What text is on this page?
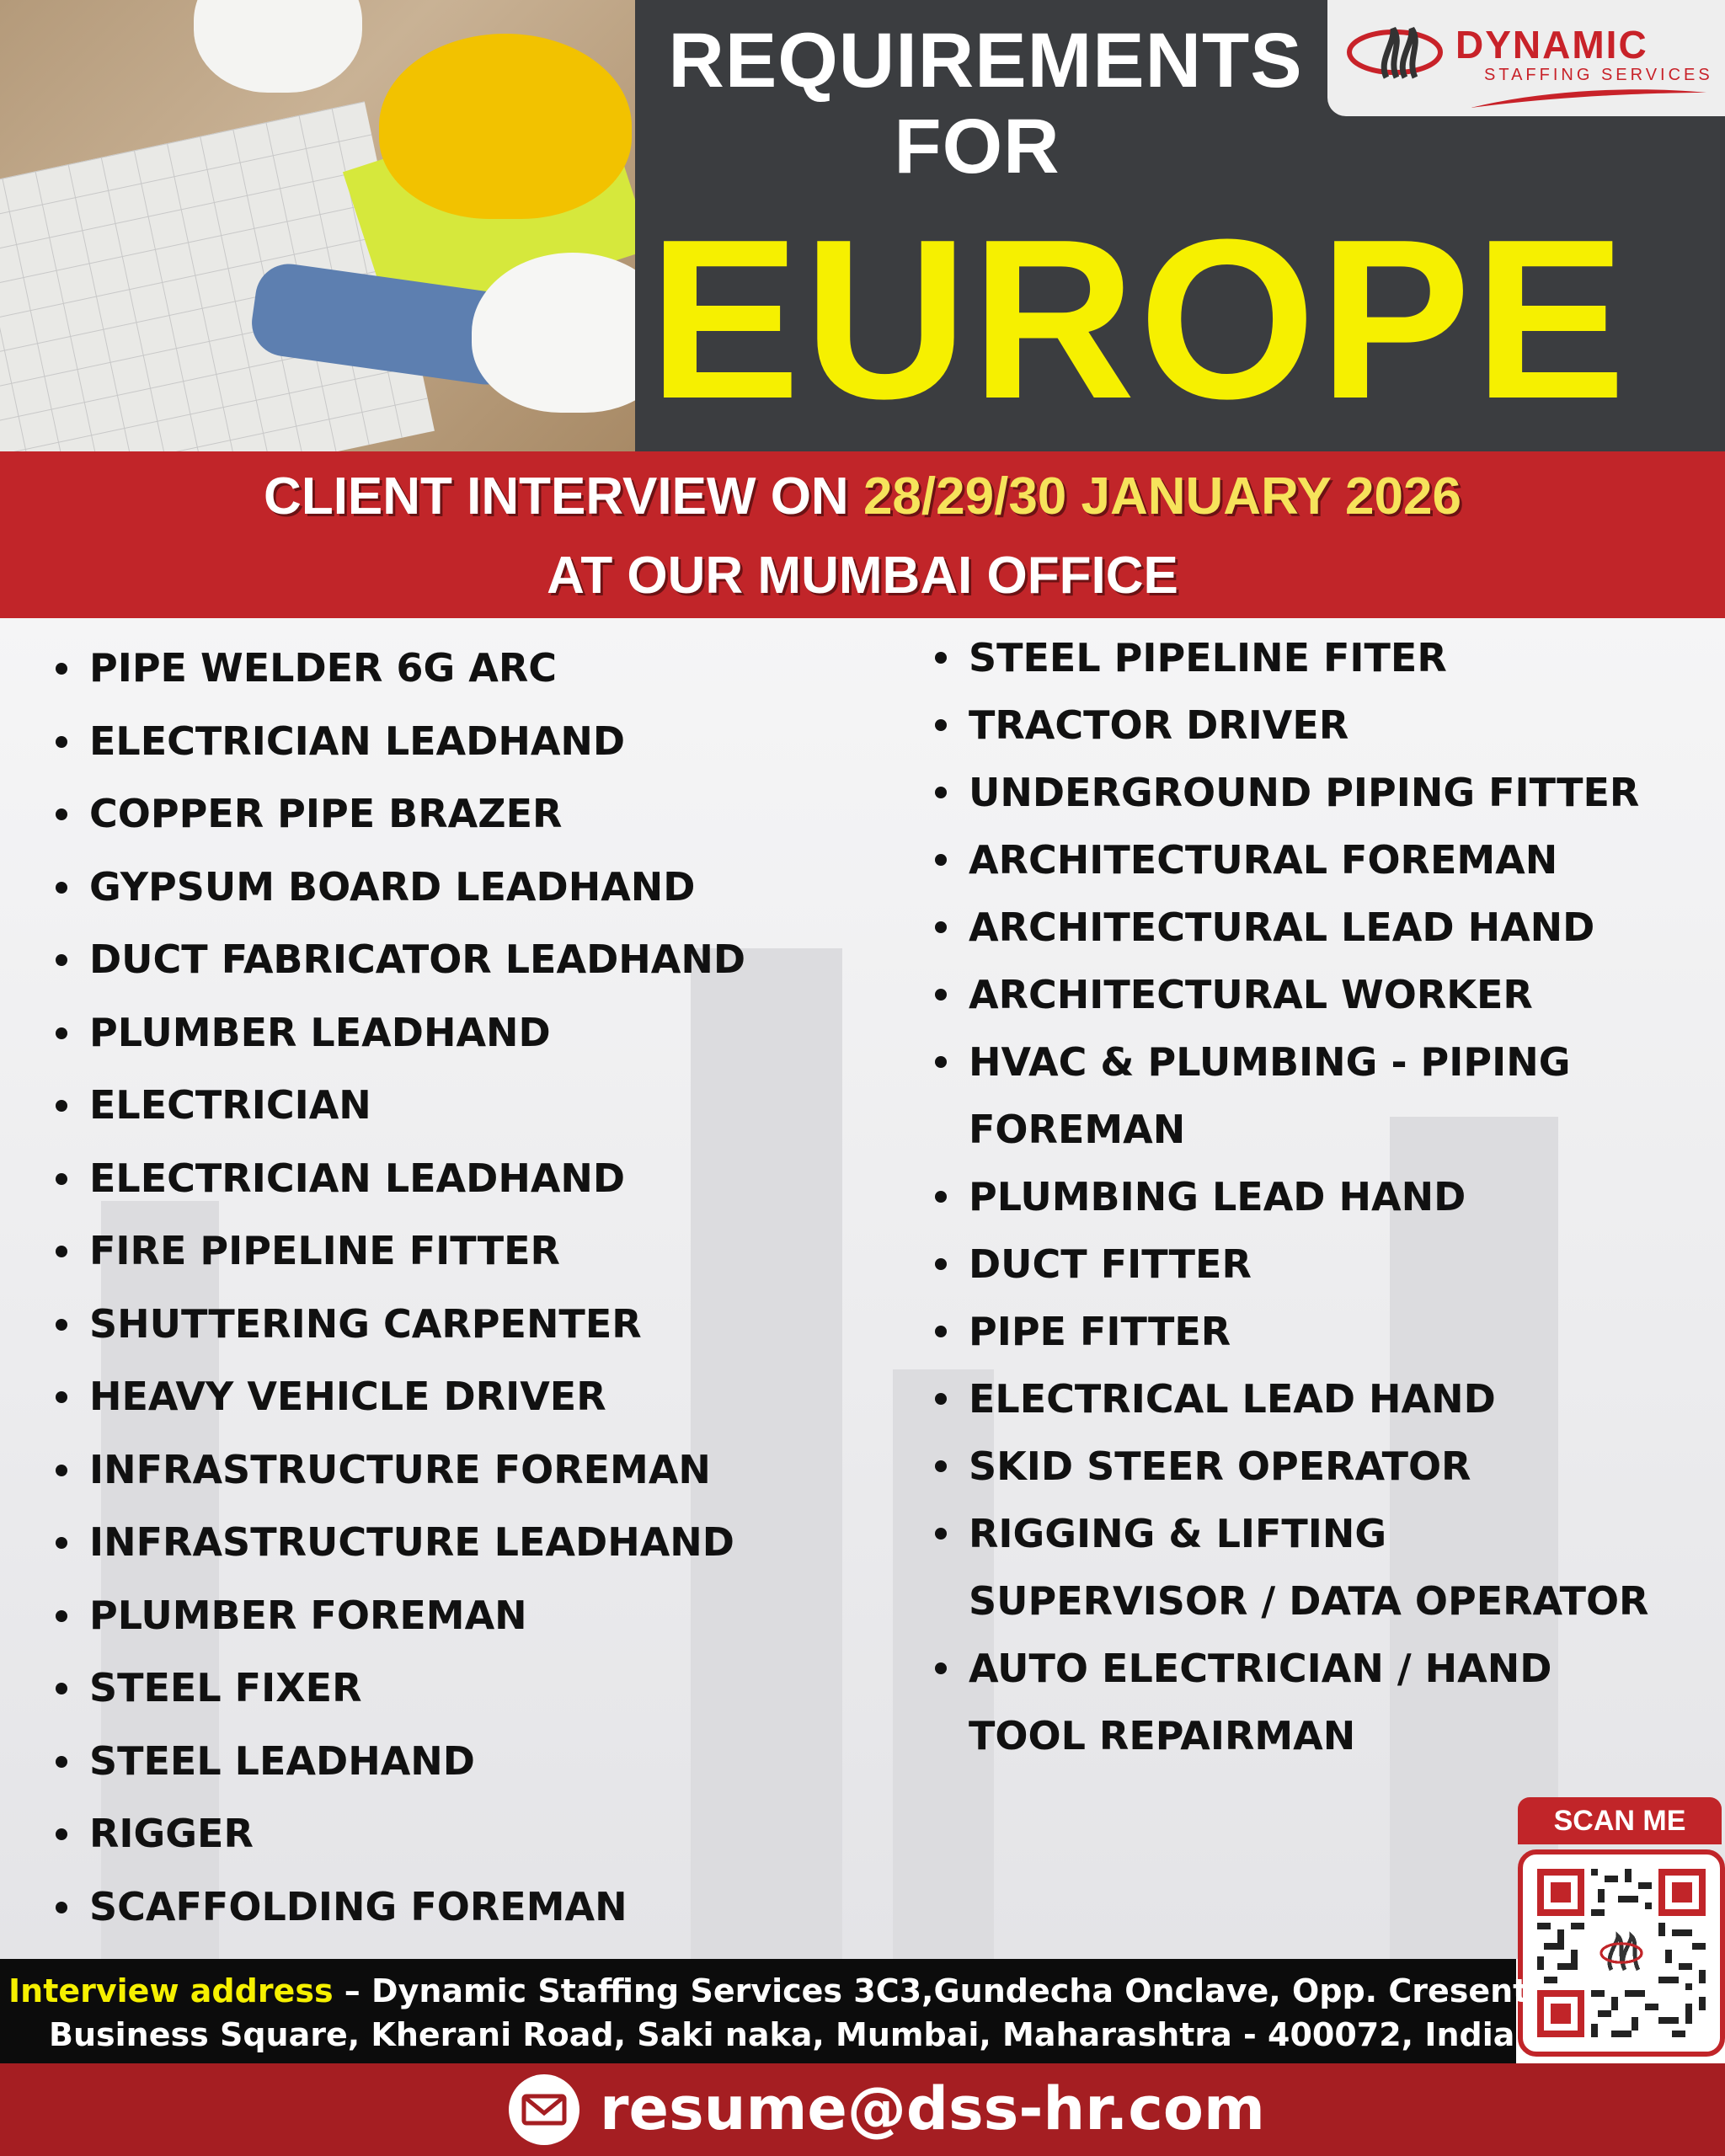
REQUIREMENTS
FOR
EUROPE
DYNAMIC
STAFFING SERVICES
CLIENT INTERVIEW ON 28/29/30 JANUARY 2026
AT OUR MUMBAI OFFICE
PIPE WELDER 6G ARC
ELECTRICIAN LEADHAND
COPPER PIPE BRAZER
GYPSUM BOARD LEADHAND
DUCT FABRICATOR LEADHAND
PLUMBER LEADHAND
ELECTRICIAN
ELECTRICIAN LEADHAND
FIRE PIPELINE FITTER
SHUTTERING CARPENTER
HEAVY VEHICLE DRIVER
INFRASTRUCTURE FOREMAN
INFRASTRUCTURE LEADHAND
PLUMBER FOREMAN
STEEL FIXER
STEEL LEADHAND
RIGGER
SCAFFOLDING FOREMAN
STEEL PIPELINE FITER
TRACTOR DRIVER
UNDERGROUND PIPING FITTER
ARCHITECTURAL FOREMAN
ARCHITECTURAL LEAD HAND
ARCHITECTURAL WORKER
HVAC & PLUMBING - PIPING
FOREMAN
PLUMBING LEAD HAND
DUCT FITTER
PIPE FITTER
ELECTRICAL LEAD HAND
SKID STEER OPERATOR
RIGGING & LIFTING
SUPERVISOR / DATA OPERATOR
AUTO ELECTRICIAN / HAND
TOOL REPAIRMAN
SCAN ME
Interview address – Dynamic Staffing Services 3C3,Gundecha Onclave, Opp. Cresent
Business Square, Kherani Road, Saki naka, Mumbai, Maharashtra - 400072, India
resume@dss-hr.com
